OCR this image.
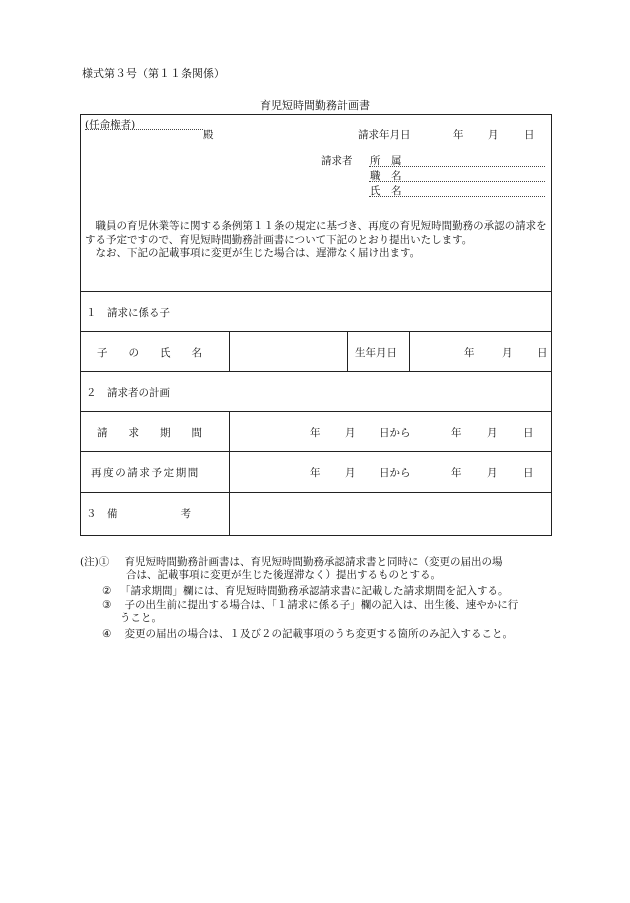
様式第３号（第１１条関係）
育児短時間勤務計画書
(任命権者)
殿	請求年月日	年 月 日
請求者 所　属
職　名
氏　名

　職員の育児休業等に関する条例第１１条の規定に基づき、再度の育児短時間勤務の承認の請求をする予定ですので、育児短時間勤務計画書について下記のとおり提出いたします。

　なお、下記の記載事項に変更が生じた場合は、遅滞なく届け出ます。

１　請求に係る子
子　　の　　氏　　名	生年月日	年	月 日
２　請求者の計画
請　　求　　期　　間	年 月 日から	年 月 日
再度の請求予定期間	年 月 日から	年 月 日
３　備　　　　　　考
(注)① 　育児短時間勤務計画書は、育児短時間勤務承認請求書と同時に（変更の届出の場
合は、記載事項に変更が生じた後遅滞なく）提出するものとする。
② 「請求期間」欄には、育児短時間勤務承認請求書に記載した請求期間を記入する。
③ 　子の出生前に提出する場合は、「１請求に係る子」欄の記入は、出生後、速やかに行
うこと。
④ 　変更の届出の場合は、１及び２の記載事項のうち変更する箇所のみ記入すること。
